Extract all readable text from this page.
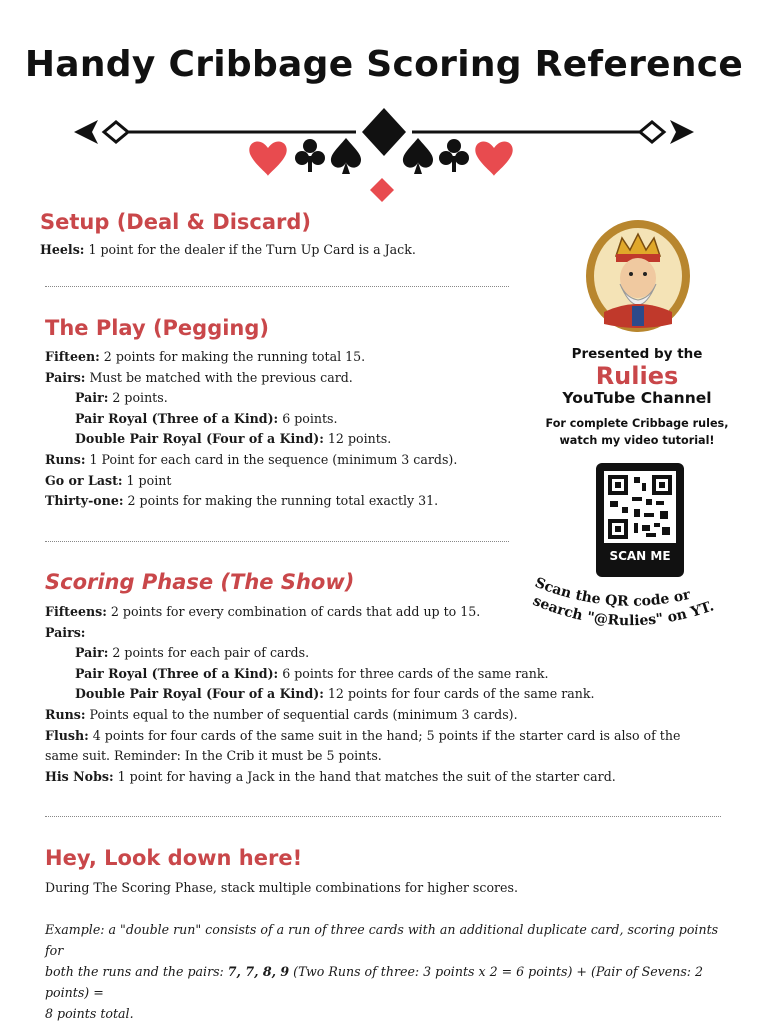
Handy Cribbage Scoring Reference
Setup (Deal & Discard)
Heels: 1 point for the dealer if the Turn Up Card is a Jack.
The Play (Pegging)
Fifteen: 2 points for making the running total 15.
Pairs: Must be matched with the previous card.
Pair: 2 points.
Pair Royal (Three of a Kind): 6 points.
Double Pair Royal (Four of a Kind): 12 points.
Runs: 1 Point for each card in the sequence (minimum 3 cards).
Go or Last: 1 point
Thirty-one: 2 points for making the running total exactly 31.
Scoring Phase (The Show)
Fifteens: 2 points for every combination of cards that add up to 15.
Pairs:
Pair: 2 points for each pair of cards.
Pair Royal (Three of a Kind): 6 points for three cards of the same rank.
Double Pair Royal (Four of a Kind): 12 points for four cards of the same rank.
Runs: Points equal to the number of sequential cards (minimum 3 cards).
Flush: 4 points for four cards of the same suit in the hand; 5 points if the starter card is also of the
same suit. Reminder: In the Crib it must be 5 points.
His Nobs: 1 point for having a Jack in the hand that matches the suit of the starter card.
Hey, Look down here!
During The Scoring Phase, stack multiple combinations for higher scores.
Example: a "double run" consists of a run of three cards with an additional duplicate card, scoring points for
both the runs and the pairs: 7, 7, 8, 9 (Two Runs of three: 3 points x 2 = 6 points) + (Pair of Sevens: 2 points) =
8 points total.
Presented by the
Rulies
YouTube Channel
For complete Cribbage rules,
watch my video tutorial!
SCAN ME
Scan the QR code or
search "@Rulies" on YT.
